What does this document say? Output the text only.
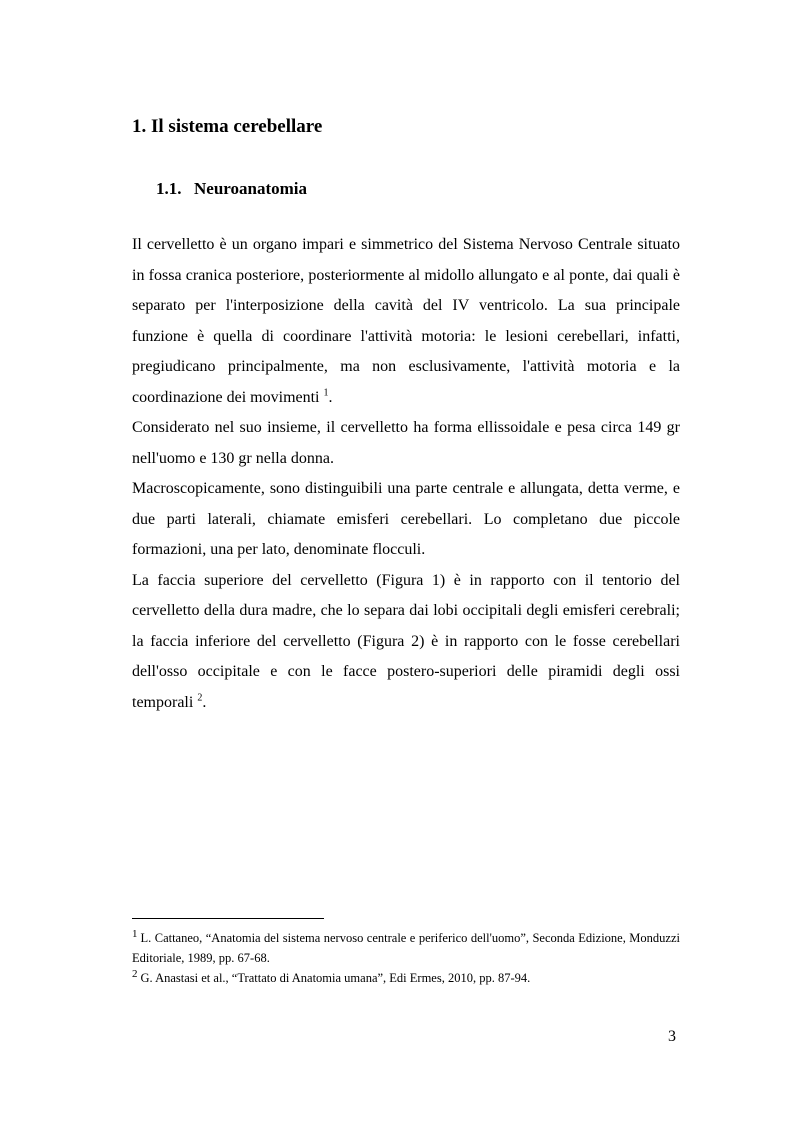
1. Il sistema cerebellare
1.1. Neuroanatomia

Il cervelletto è un organo impari e simmetrico del Sistema Nervoso Centrale situato in fossa cranica posteriore, posteriormente al midollo allungato e al ponte, dai quali è separato per l'interposizione della cavità del IV ventricolo. La sua principale funzione è quella di coordinare l'attività motoria: le lesioni cerebellari, infatti, pregiudicano principalmente, ma non esclusivamente, l'attività motoria e la coordinazione dei movimenti $^1$.

Considerato nel suo insieme, il cervelletto ha forma ellissoidale e pesa circa 149 gr nell'uomo e 130 gr nella donna.

Macroscopicamente, sono distinguibili una parte centrale e allungata, detta verme, e due parti laterali, chiamate emisferi cerebellari. Lo completano due piccole formazioni, una per lato, denominate flocculi.

La faccia superiore del cervelletto (Figura 1) è in rapporto con il tentorio del cervelletto della dura madre, che lo separa dai lobi occipitali degli emisferi cerebrali; la faccia inferiore del cervelletto (Figura 2) è in rapporto con le fosse cerebellari dell'osso occipitale e con le facce postero-superiori delle piramidi degli ossi temporali $^2$.

1 L. Cattaneo, “Anatomia del sistema nervoso centrale e periferico dell'uomo”, Seconda Edizione, Monduzzi Editoriale, 1989, pp. 67-68.

2 G. Anastasi et al., “Trattato di Anatomia umana”, Edi Ermes, 2010, pp. 87-94.

3
